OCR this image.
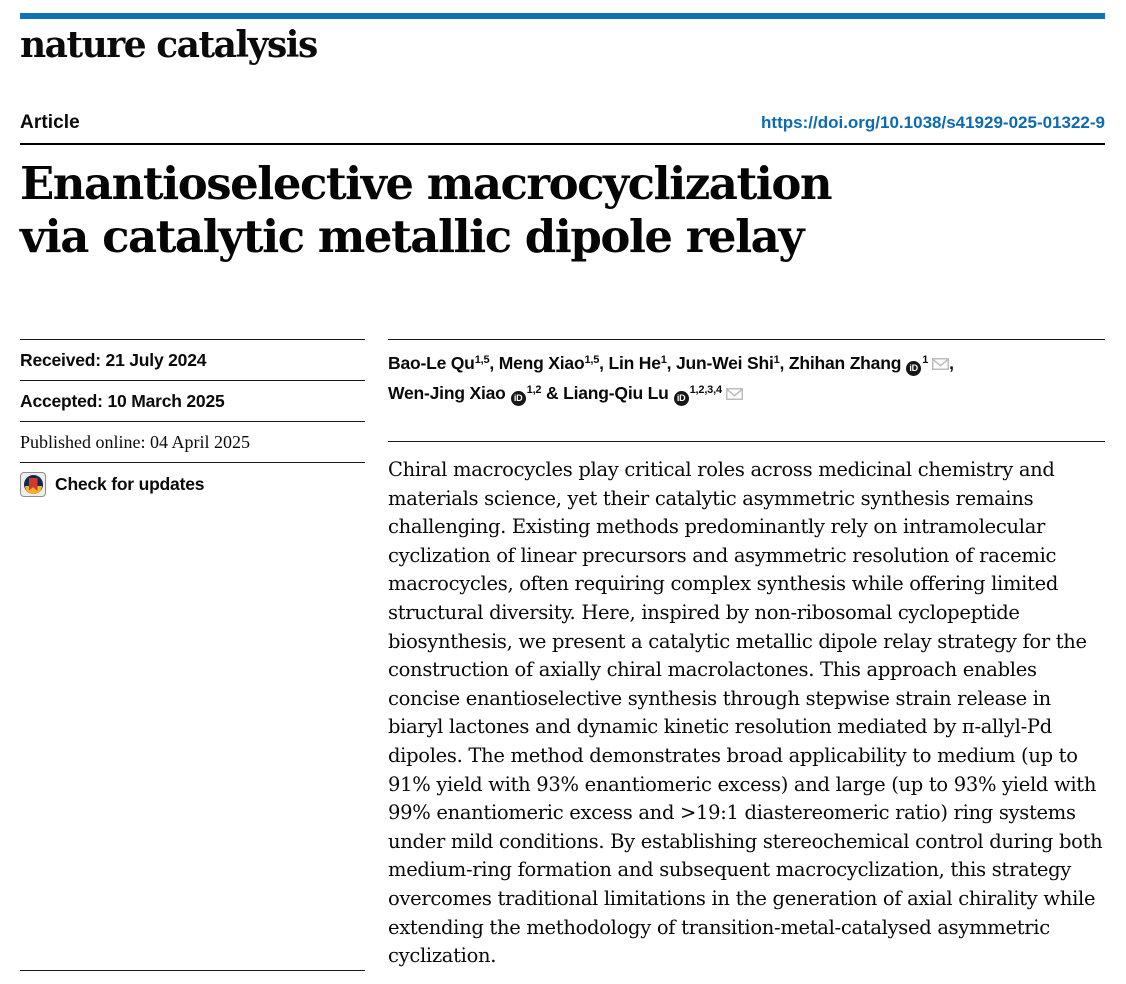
nature catalysis
Article	https://doi.org/10.1038/s41929-025-01322-9
Enantioselective macrocyclization
via catalytic metallic dipole relay
Received: 21 July 2024
Accepted: 10 March 2025
Published online: 04 April 2025
Check for updates
Bao-Le Qu$^{1,5}$, Meng Xiao$^{1,5}$, Lin He$^1$, Jun-Wei Shi$^1$, Zhihan Zhang $iD^1$ ,
Wen-Jing Xiao iD$^{1,2}$ & Liang-Qiu Lu iD$^{1,2,3,4}$

Chiral macrocycles play critical roles across medicinal chemistry and materials science, yet their catalytic asymmetric synthesis remains challenging. Existing methods predominantly rely on intramolecular cyclization of linear precursors and asymmetric resolution of racemic macrocycles, often requiring complex synthesis while offering limited structural diversity. Here, inspired by non-ribosomal cyclopeptide biosynthesis, we present a catalytic metallic dipole relay strategy for the construction of axially chiral macrolactones. This approach enables concise enantioselective synthesis through stepwise strain release in biaryl lactones and dynamic kinetic resolution mediated by π-allyl-Pd dipoles. The method demonstrates broad applicability to medium (up to 91% yield with 93% enantiomeric excess) and large (up to 93% yield with 99% enantiomeric excess and >19:1 diastereomeric ratio) ring systems under mild conditions. By establishing stereochemical control during both medium-ring formation and subsequent macrocyclization, this strategy overcomes traditional limitations in the generation of axial chirality while extending the methodology of transition-metal-catalysed asymmetric cyclization.
